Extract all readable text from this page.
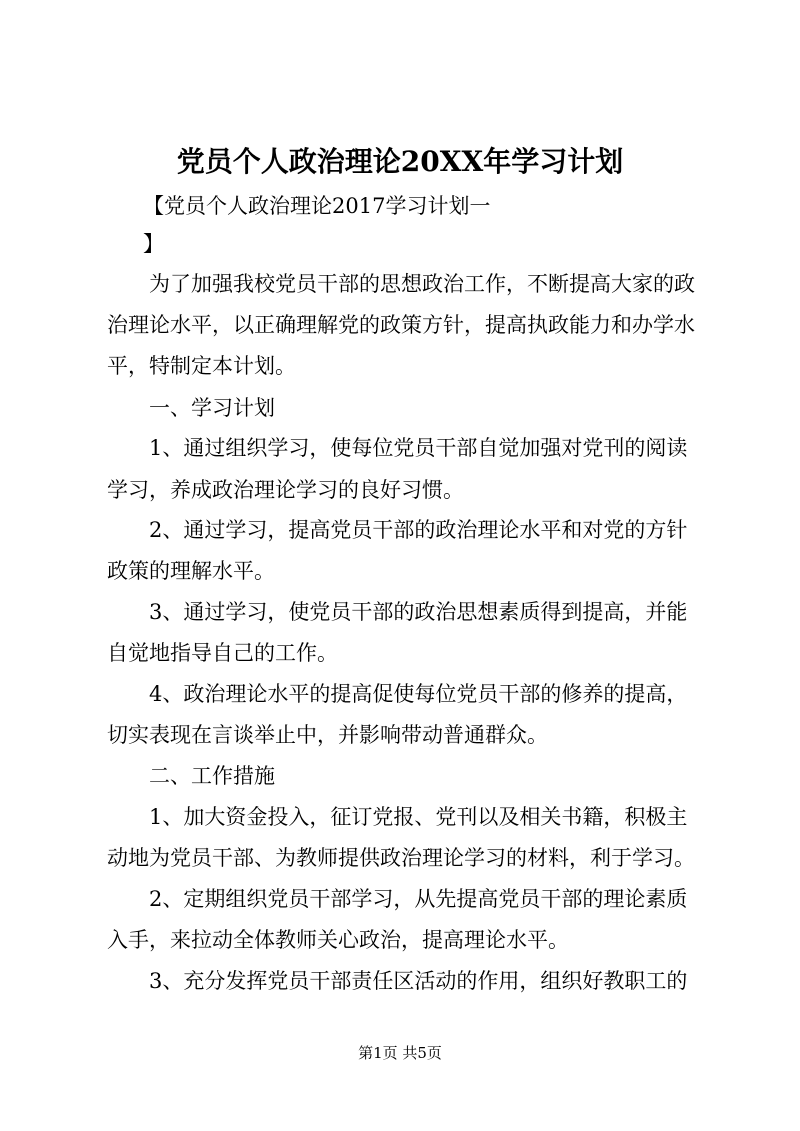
党员个人政治理论20XX年学习计划
【党员个人政治理论2017学习计划一
】
为了加强我校党员干部的思想政治工作，不断提高大家的政
治理论水平，以正确理解党的政策方针，提高执政能力和办学水
平，特制定本计划。
一、学习计划
1、通过组织学习，使每位党员干部自觉加强对党刊的阅读
学习，养成政治理论学习的良好习惯。
2、通过学习，提高党员干部的政治理论水平和对党的方针
政策的理解水平。
3、通过学习，使党员干部的政治思想素质得到提高，并能
自觉地指导自己的工作。
4、政治理论水平的提高促使每位党员干部的修养的提高，
切实表现在言谈举止中，并影响带动普通群众。
二、工作措施
1、加大资金投入，征订党报、党刊以及相关书籍，积极主
动地为党员干部、为教师提供政治理论学习的材料，利于学习。
2、定期组织党员干部学习，从先提高党员干部的理论素质
入手，来拉动全体教师关心政治，提高理论水平。
3、充分发挥党员干部责任区活动的作用，组织好教职工的
第1页 共5页
